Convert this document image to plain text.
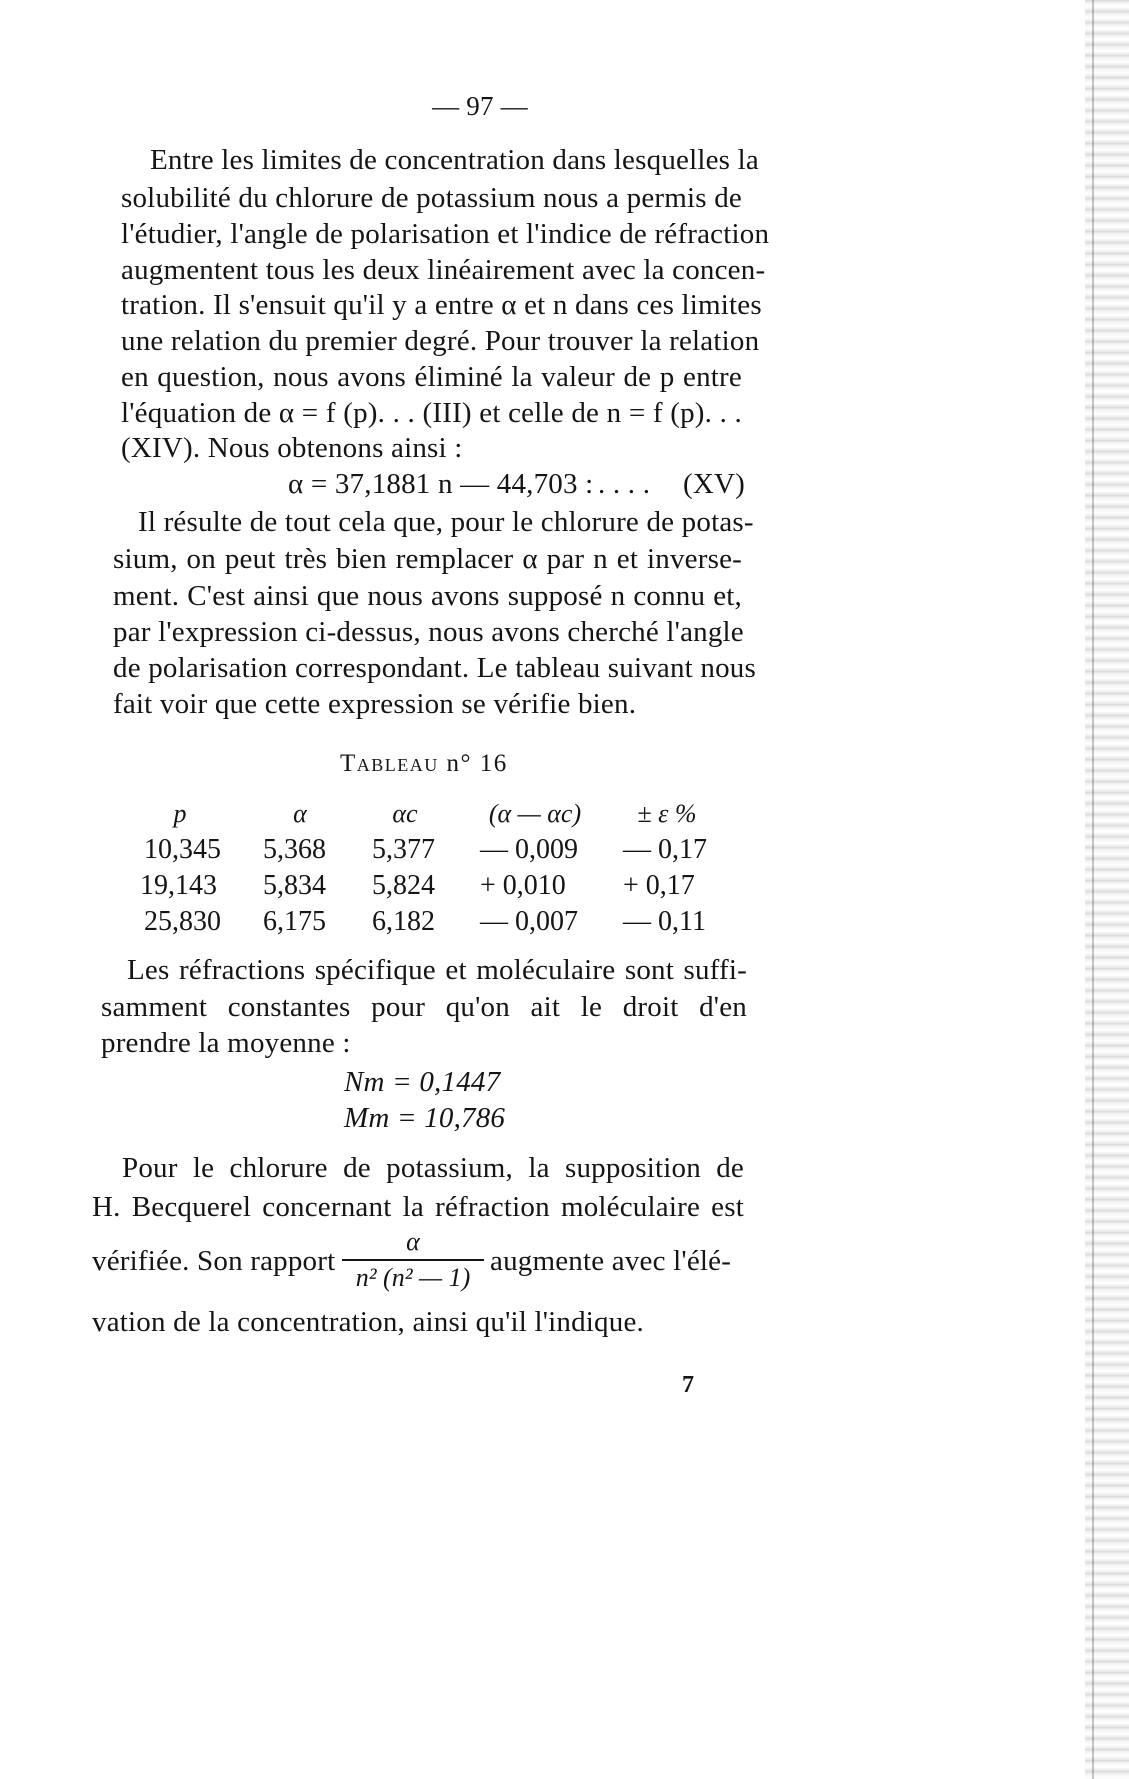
— 97 —
Entre les limites de concentration dans lesquelles la
solubilité du chlorure de potassium nous a permis de
l'étudier, l'angle de polarisation et l'indice de réfraction
augmentent tous les deux linéairement avec la concen-
tration. Il s'ensuit qu'il y a entre α et n dans ces limites
une relation du premier degré. Pour trouver la relation
en question, nous avons éliminé la valeur de p entre
l'équation de α = f (p). . . (III) et celle de n = f (p). . .
(XIV). Nous obtenons ainsi :
α = 37,1881 n — 44,703 : . . . . (XV)
Il résulte de tout cela que, pour le chlorure de potas-
sium, on peut très bien remplacer α par n et inverse-
ment. C'est ainsi que nous avons supposé n connu et,
par l'expression ci-dessus, nous avons cherché l'angle
de polarisation correspondant. Le tableau suivant nous
fait voir que cette expression se vérifie bien.
Tableau n° 16
p	α	αc	(α — αc)	± ε %
10,345 5,368 5,377 — 0,009 — 0,17
19,143 5,834 5,824 + 0,010 + 0,17
25,830 6,175 6,182 — 0,007 — 0,11
Les réfractions spécifique et moléculaire sont suffi-
samment constantes pour qu'on ait le droit d'en
prendre la moyenne :
Nm = 0,1447
Mm = 10,786
Pour le chlorure de potassium, la supposition de
H. Becquerel concernant la réfraction moléculaire est
vérifiée. Son rapport $\frac{\alpha}{\text{n² (n² — 1)}}$ augmente avec l'élé-
vation de la concentration, ainsi qu'il l'indique.
7
